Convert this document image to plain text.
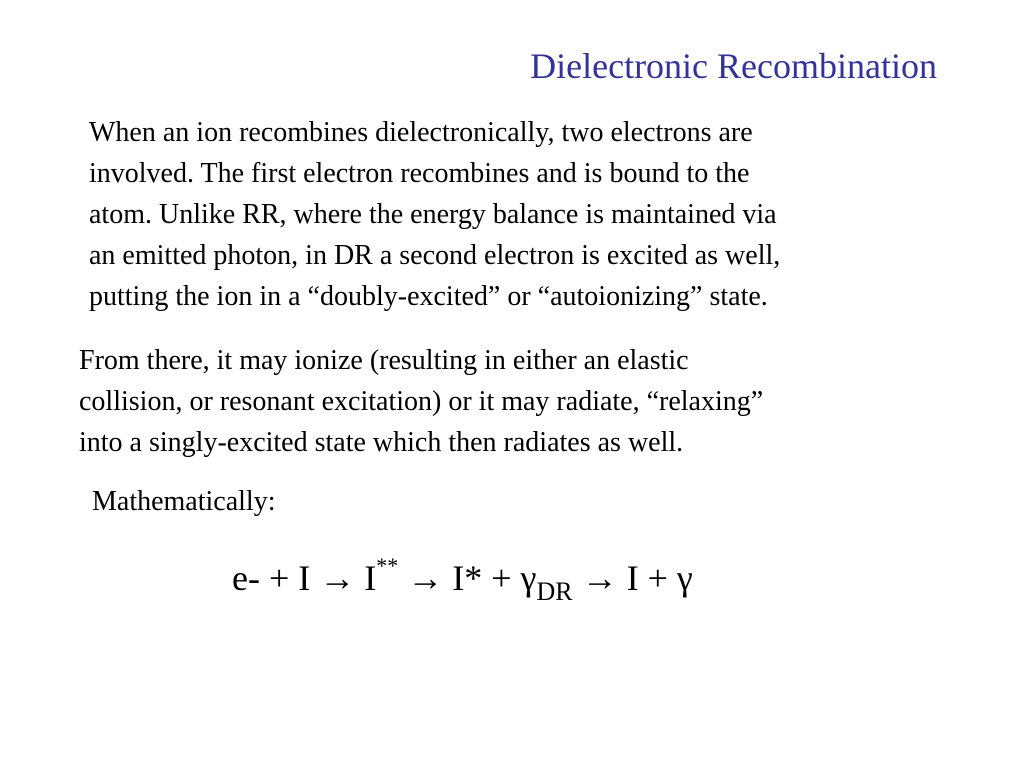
Dielectronic Recombination
When an ion recombines dielectronically, two electrons are
involved. The first electron recombines and is bound to the
atom. Unlike RR, where the energy balance is maintained via
an emitted photon, in DR a second electron is excited as well,
putting the ion in a “doubly-excited” or “autoionizing” state.
From there, it may ionize (resulting in either an elastic
collision, or resonant excitation) or it may radiate, “relaxing”
into a singly-excited state which then radiates as well.
Mathematically:
$e- + I \to I^{**} \to I* + \gamma_{DR} \to I + \gamma$
